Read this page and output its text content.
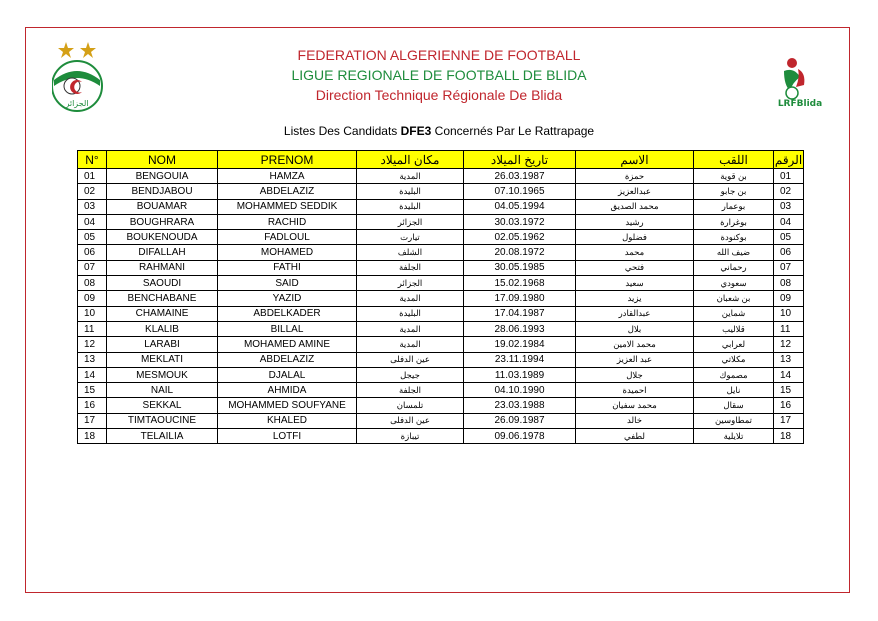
الجزائر	LRFBlida
FEDERATION ALGERIENNE DE FOOTBALL
LIGUE REGIONALE DE FOOTBALL DE BLIDA
Direction Technique Régionale De Blida
Listes Des Candidats DFE3 Concernés Par Le Rattrapage
N°	NOM	PRENOM	مكان الميلاد	تاريخ الميلاد	الاسم	اللقب	الرقم
01	BENGOUIA	HAMZA	المدية	26.03.1987	حمزة	بن قوية	01
02	BENDJABOU	ABDELAZIZ	البليدة	07.10.1965	عبدالعزيز	بن جابو	02
03	BOUAMAR	MOHAMMED SEDDIK	البليدة	04.05.1994	محمد الصديق	بوعمار	03
04	BOUGHRARA	RACHID	الجزائر	30.03.1972	رشيد	بوغرارة	04
05	BOUKENOUDA	FADLOUL	تيارت	02.05.1962	فضلول	بوكنودة	05
06	DIFALLAH	MOHAMED	الشلف	20.08.1972	محمد	ضيف الله	06
07	RAHMANI	FATHI	الجلفة	30.05.1985	فتحي	رحماني	07
08	SAOUDI	SAID	الجزائر	15.02.1968	سعيد	سعودي	08
09	BENCHABANE	YAZID	المدية	17.09.1980	يزيد	بن شعبان	09
10	CHAMAINE	ABDELKADER	البليدة	17.04.1987	عبدالقادر	شماين	10
11	KLALIB	BILLAL	المدية	28.06.1993	بلال	قلاليب	11
12	LARABI	MOHAMED AMINE	المدية	19.02.1984	محمد الامين	لعرابي	12
13	MEKLATI	ABDELAZIZ	عين الدفلى	23.11.1994	عبد العزيز	مكلاتي	13
14	MESMOUK	DJALAL	جيجل	11.03.1989	جلال	مصموك	14
15	NAIL	AHMIDA	الجلفة	04.10.1990	احميدة	نايل	15
16	SEKKAL	MOHAMMED SOUFYANE	تلمسان	23.03.1988	محمد سفيان	سقال	16
17	TIMTAOUCINE	KHALED	عين الدفلى	26.09.1987	خالد	تمطاوسين	17
18	TELAILIA	LOTFI	تيبازة	09.06.1978	لطفي	تلايلية	18
